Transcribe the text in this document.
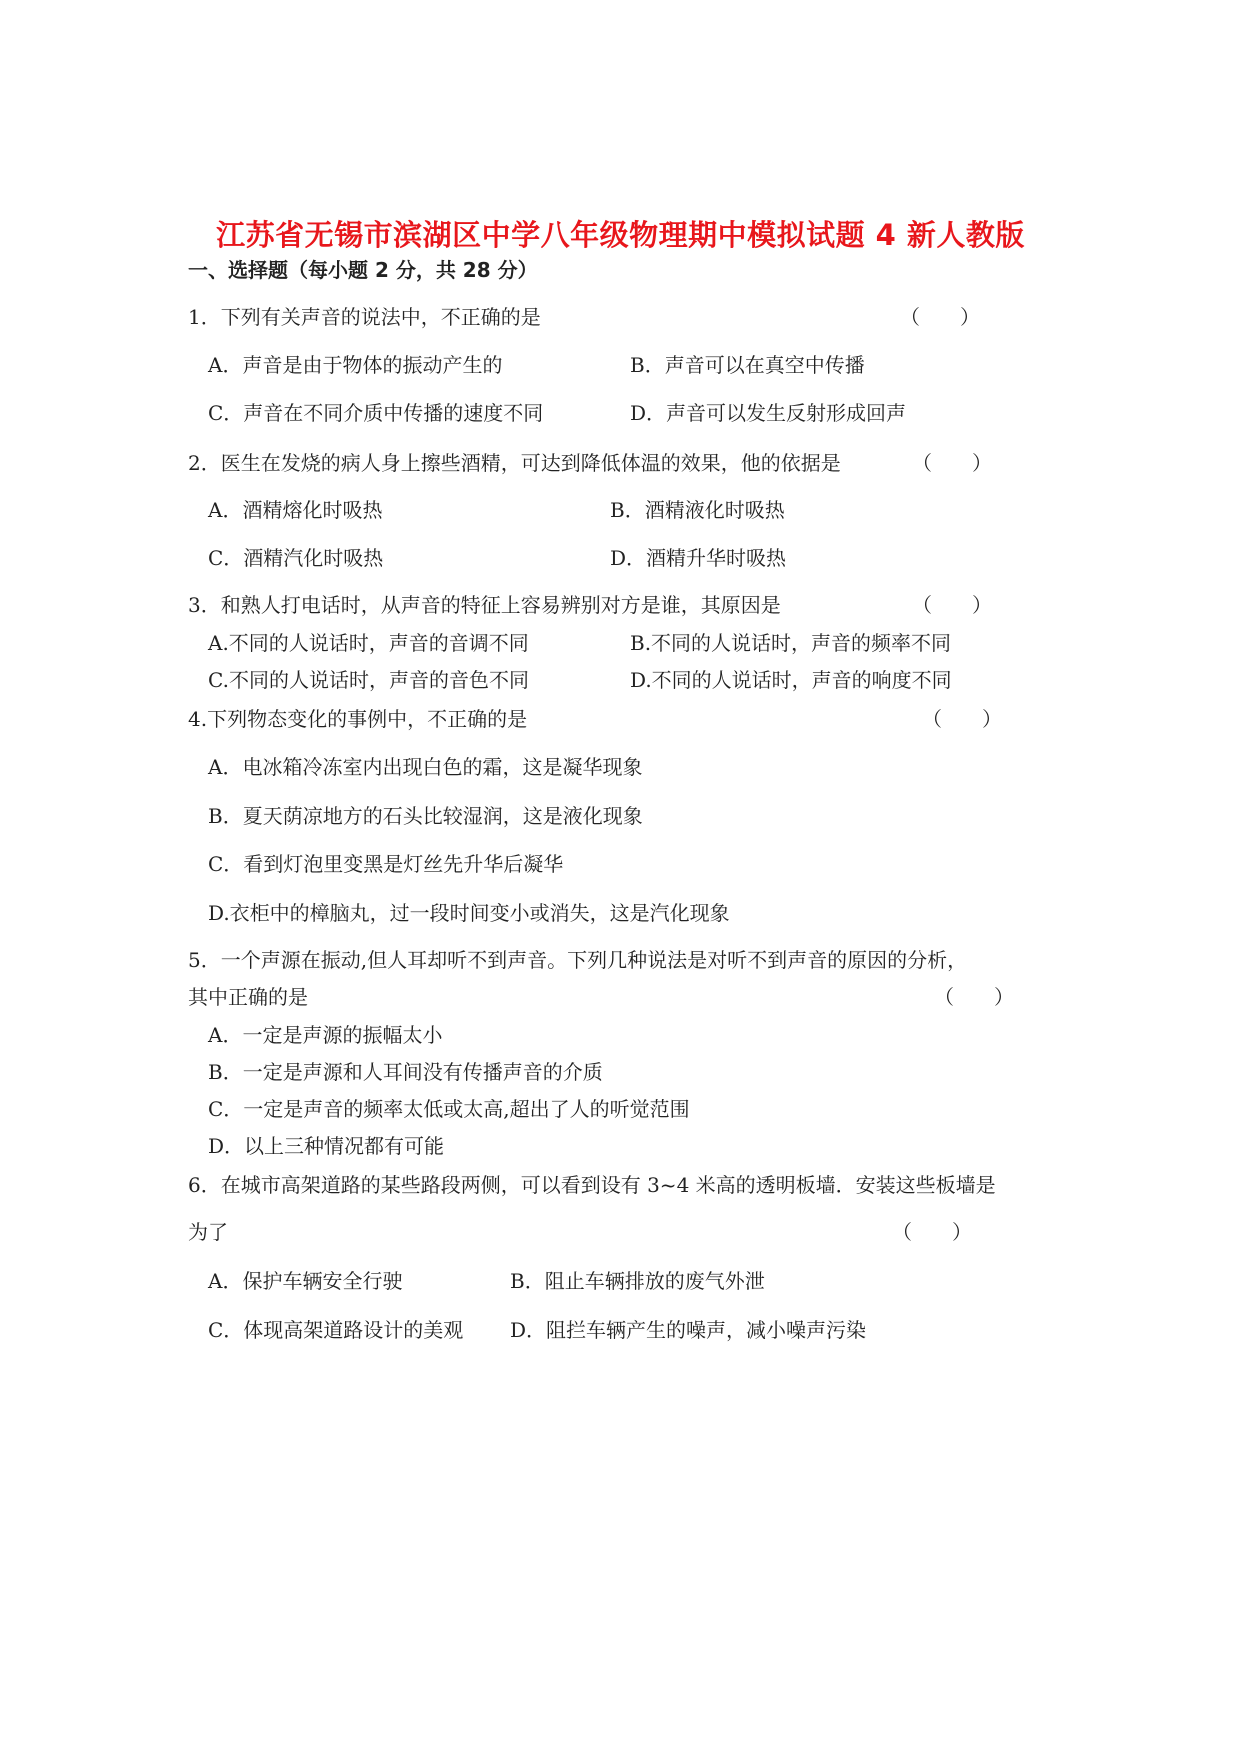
江苏省无锡市滨湖区中学八年级物理期中模拟试题 4 新人教版
一、选择题（每小题 2 分，共 28 分）
1．下列有关声音的说法中，不正确的是	（　　）
A．声音是由于物体的振动产生的	B．声音可以在真空中传播
C．声音在不同介质中传播的速度不同	D．声音可以发生反射形成回声
2．医生在发烧的病人身上擦些酒精，可达到降低体温的效果，他的依据是	（　　）
A．酒精熔化时吸热	B．酒精液化时吸热
C．酒精汽化时吸热	D．酒精升华时吸热
3．和熟人打电话时，从声音的特征上容易辨别对方是谁，其原因是	（　　）
A.不同的人说话时，声音的音调不同	B.不同的人说话时，声音的频率不同
C.不同的人说话时，声音的音色不同	D.不同的人说话时，声音的响度不同
4.下列物态变化的事例中，不正确的是	（　　）
A．电冰箱冷冻室内出现白色的霜，这是凝华现象
B．夏天荫凉地方的石头比较湿润，这是液化现象
C．看到灯泡里变黑是灯丝先升华后凝华
D.衣柜中的樟脑丸，过一段时间变小或消失，这是汽化现象
5．一个声源在振动,但人耳却听不到声音。下列几种说法是对听不到声音的原因的分析，
其中正确的是	（　　）
A．一定是声源的振幅太小
B．一定是声源和人耳间没有传播声音的介质
C．一定是声音的频率太低或太高,超出了人的听觉范围
D．以上三种情况都有可能
6．在城市高架道路的某些路段两侧，可以看到设有 3~4 米高的透明板墙．安装这些板墙是
为了	（　　）
A．保护车辆安全行驶	B．阻止车辆排放的废气外泄
C．体现高架道路设计的美观 D．阻拦车辆产生的噪声，减小噪声污染
